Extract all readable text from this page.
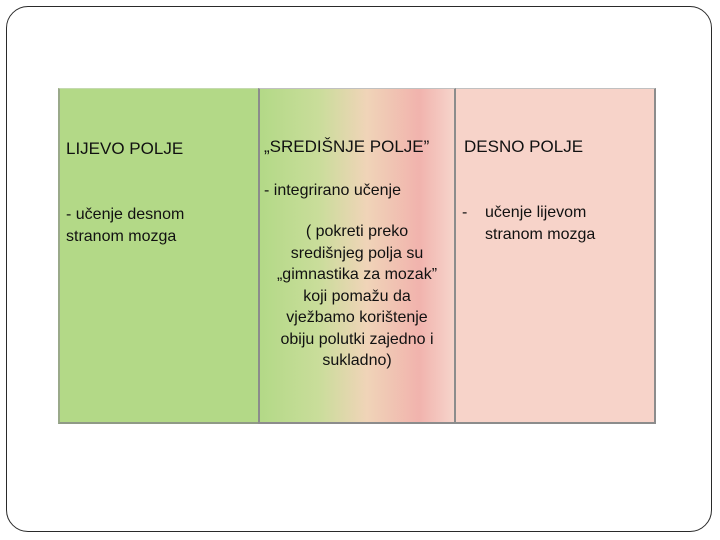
LIJEVO POLJE
- učenje desnom
stranom mozga
„SREDIŠNJE POLJE”
- integrirano učenje
( pokreti preko
središnjeg polja su
„gimnastika za mozak”
koji pomažu da
vježbamo korištenje
obiju polutki zajedno i
sukladno)
DESNO POLJE
- učenje lijevom
stranom mozga
